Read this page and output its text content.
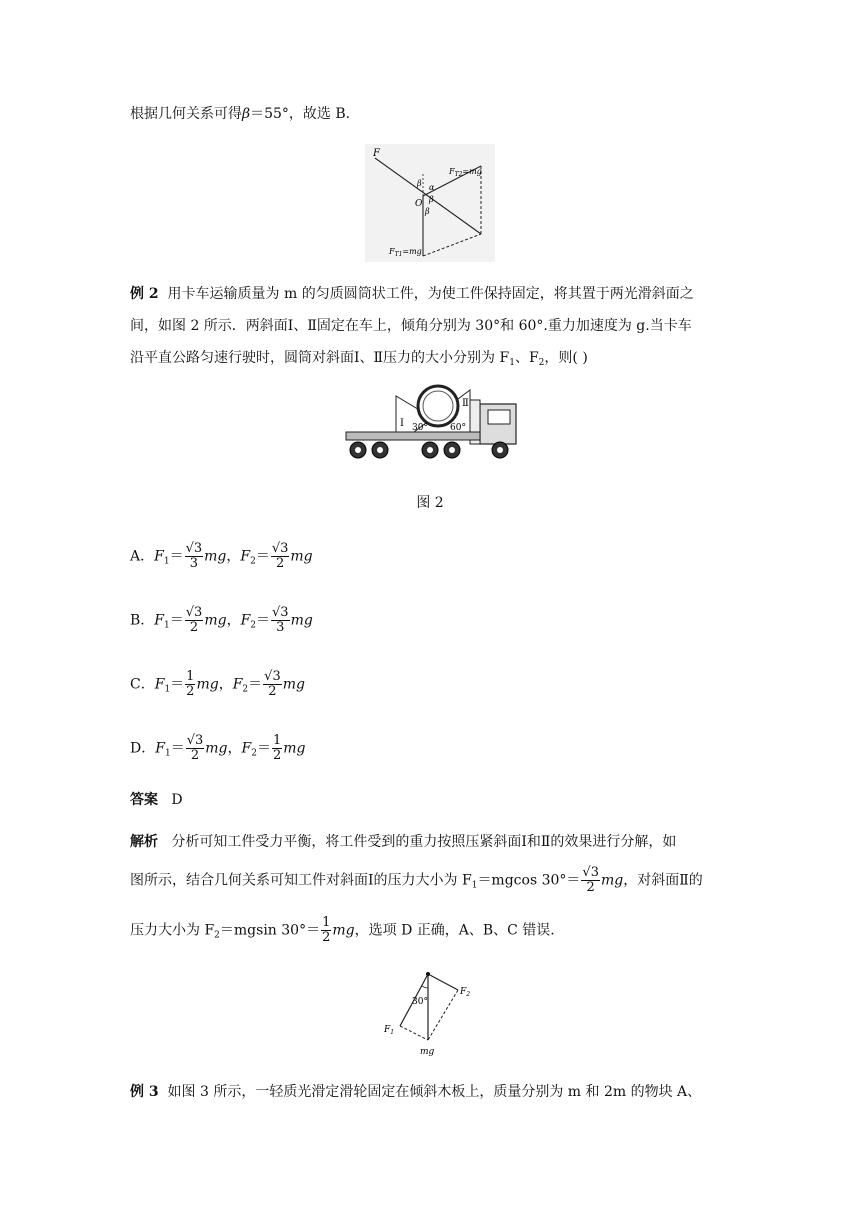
根据几何关系可得β＝55°，故选 B.
F
$F_{T2}=mg$
$F_{T1}=mg$
O
α
β
β
β
例 2 用卡车运输质量为 m 的匀质圆筒状工件，为使工件保持固定，将其置于两光滑斜面之
间，如图 2 所示．两斜面Ⅰ、Ⅱ固定在车上，倾角分别为 30°和 60°.重力加速度为 g.当卡车
沿平直公路匀速行驶时，圆筒对斜面Ⅰ、Ⅱ压力的大小分别为 $F_1$、$F_2$，则( )
Ⅰ
Ⅱ
30° 60°
图 2
A．$F_1= \frac{√3}{3}$ mg，$F_2= \frac{√3}{2}$ mg
B．$F_1= \frac{√3}{2}$ mg，$F_2= \frac{√3}{3}$ mg
C．$F_1= \frac{1}{2}$ mg，$F_2= \frac{√3}{2}$ mg
D．$F_1= \frac{√3}{2}$ mg，$F_2= \frac{1}{2}$ mg
答案 D
解析 分析可知工件受力平衡，将工件受到的重力按照压紧斜面Ⅰ和Ⅱ的效果进行分解，如
图所示，结合几何关系可知工件对斜面Ⅰ的压力大小为 $F_1=mgcos$ $30^\circ= \frac{√3}{2}$ mg，对斜面Ⅱ的
压力大小为 $F_2=mgsin$ $30^\circ= \frac{1}{2}$ mg，选项 D 正确，A、B、C 错误.
30°
$F_1$
$F_2$
mg
例 3 如图 3 所示，一轻质光滑定滑轮固定在倾斜木板上，质量分别为 m 和 2m 的物块 A、
